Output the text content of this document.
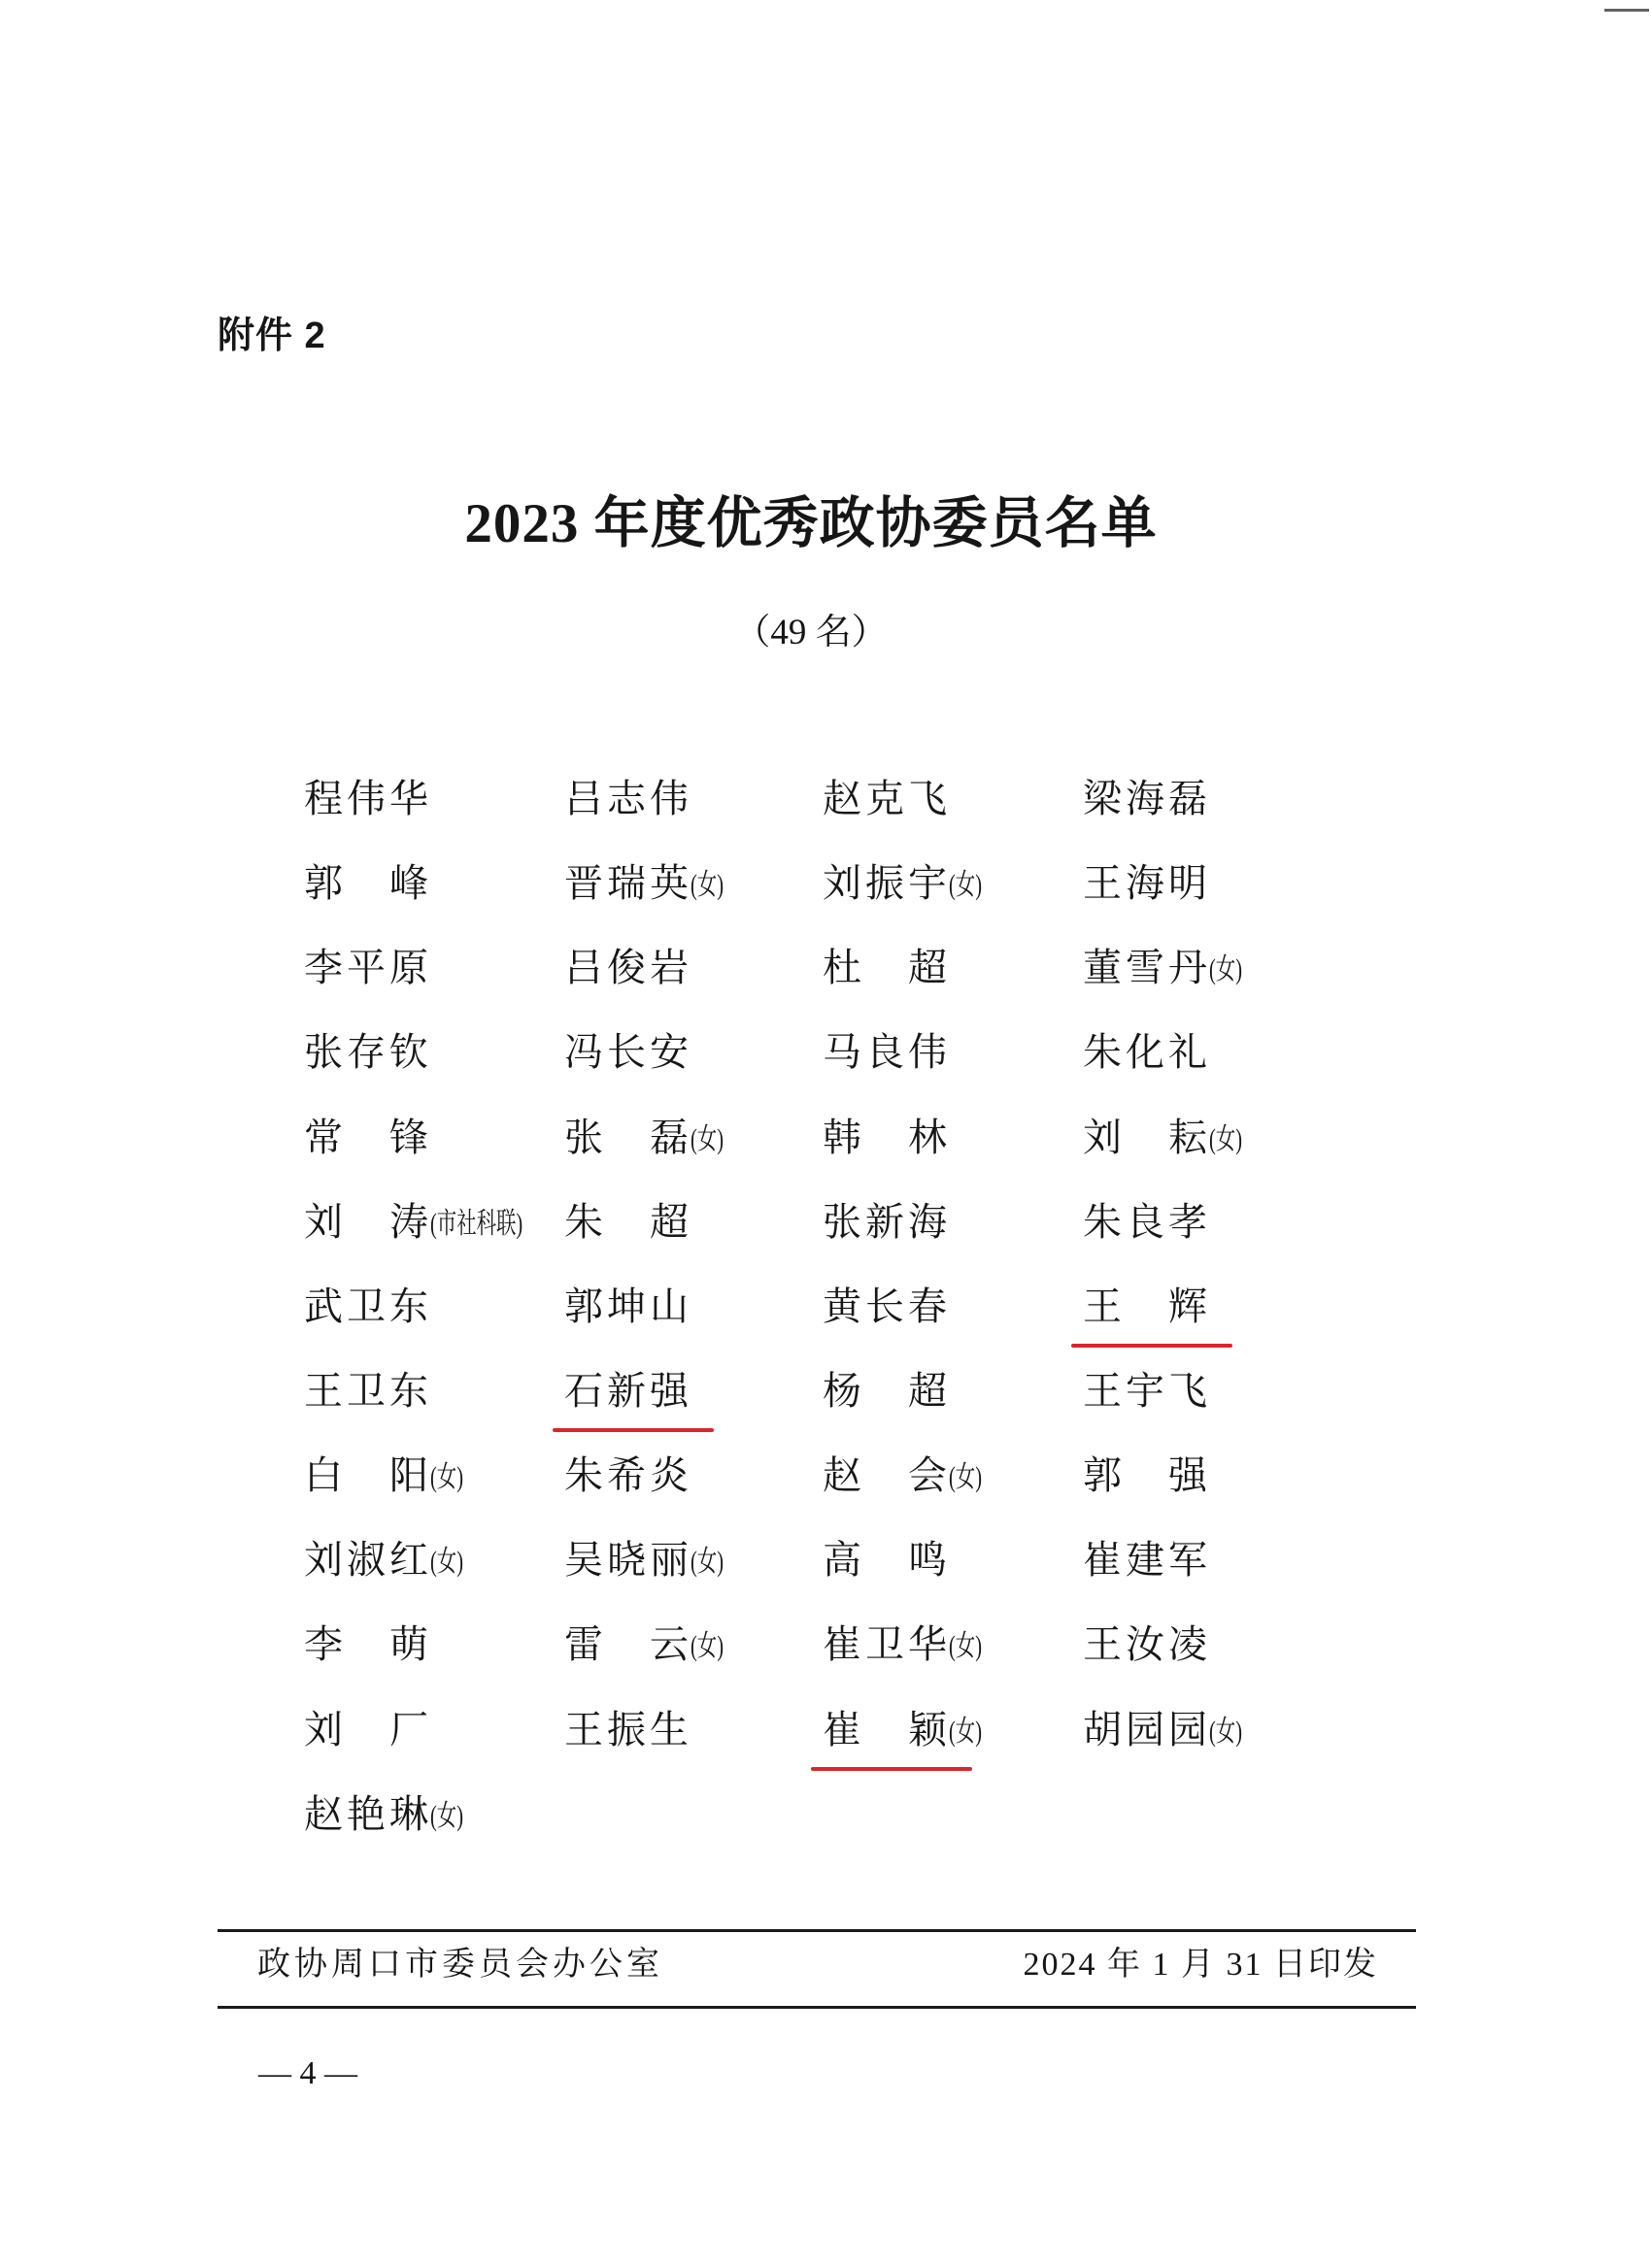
附件 2
2023 年度优秀政协委员名单
（49 名）
程伟华	吕志伟	赵克飞	梁海磊
郭　峰	晋瑞英(女)	刘振宇(女)	王海明
李平原	吕俊岩	杜　超	董雪丹(女)
张存钦	冯长安	马良伟	朱化礼
常　锋	张　磊(女)	韩　林	刘　耘(女)
刘　涛(市社科联)	朱　超	张新海	朱良孝
武卫东	郭坤山	黄长春	王　辉
王卫东	石新强	杨　超	王宇飞
白　阳(女)	朱希炎	赵　会(女)	郭　强
刘淑红(女)	吴晓丽(女)	高　鸣	崔建军
李　萌	雷　云(女)	崔卫华(女)	王汝凌
刘　厂	王振生	崔　颖(女)	胡园园(女)
赵艳琳(女)
政协周口市委员会办公室	2024 年 1 月 31 日印发
— 4 —
